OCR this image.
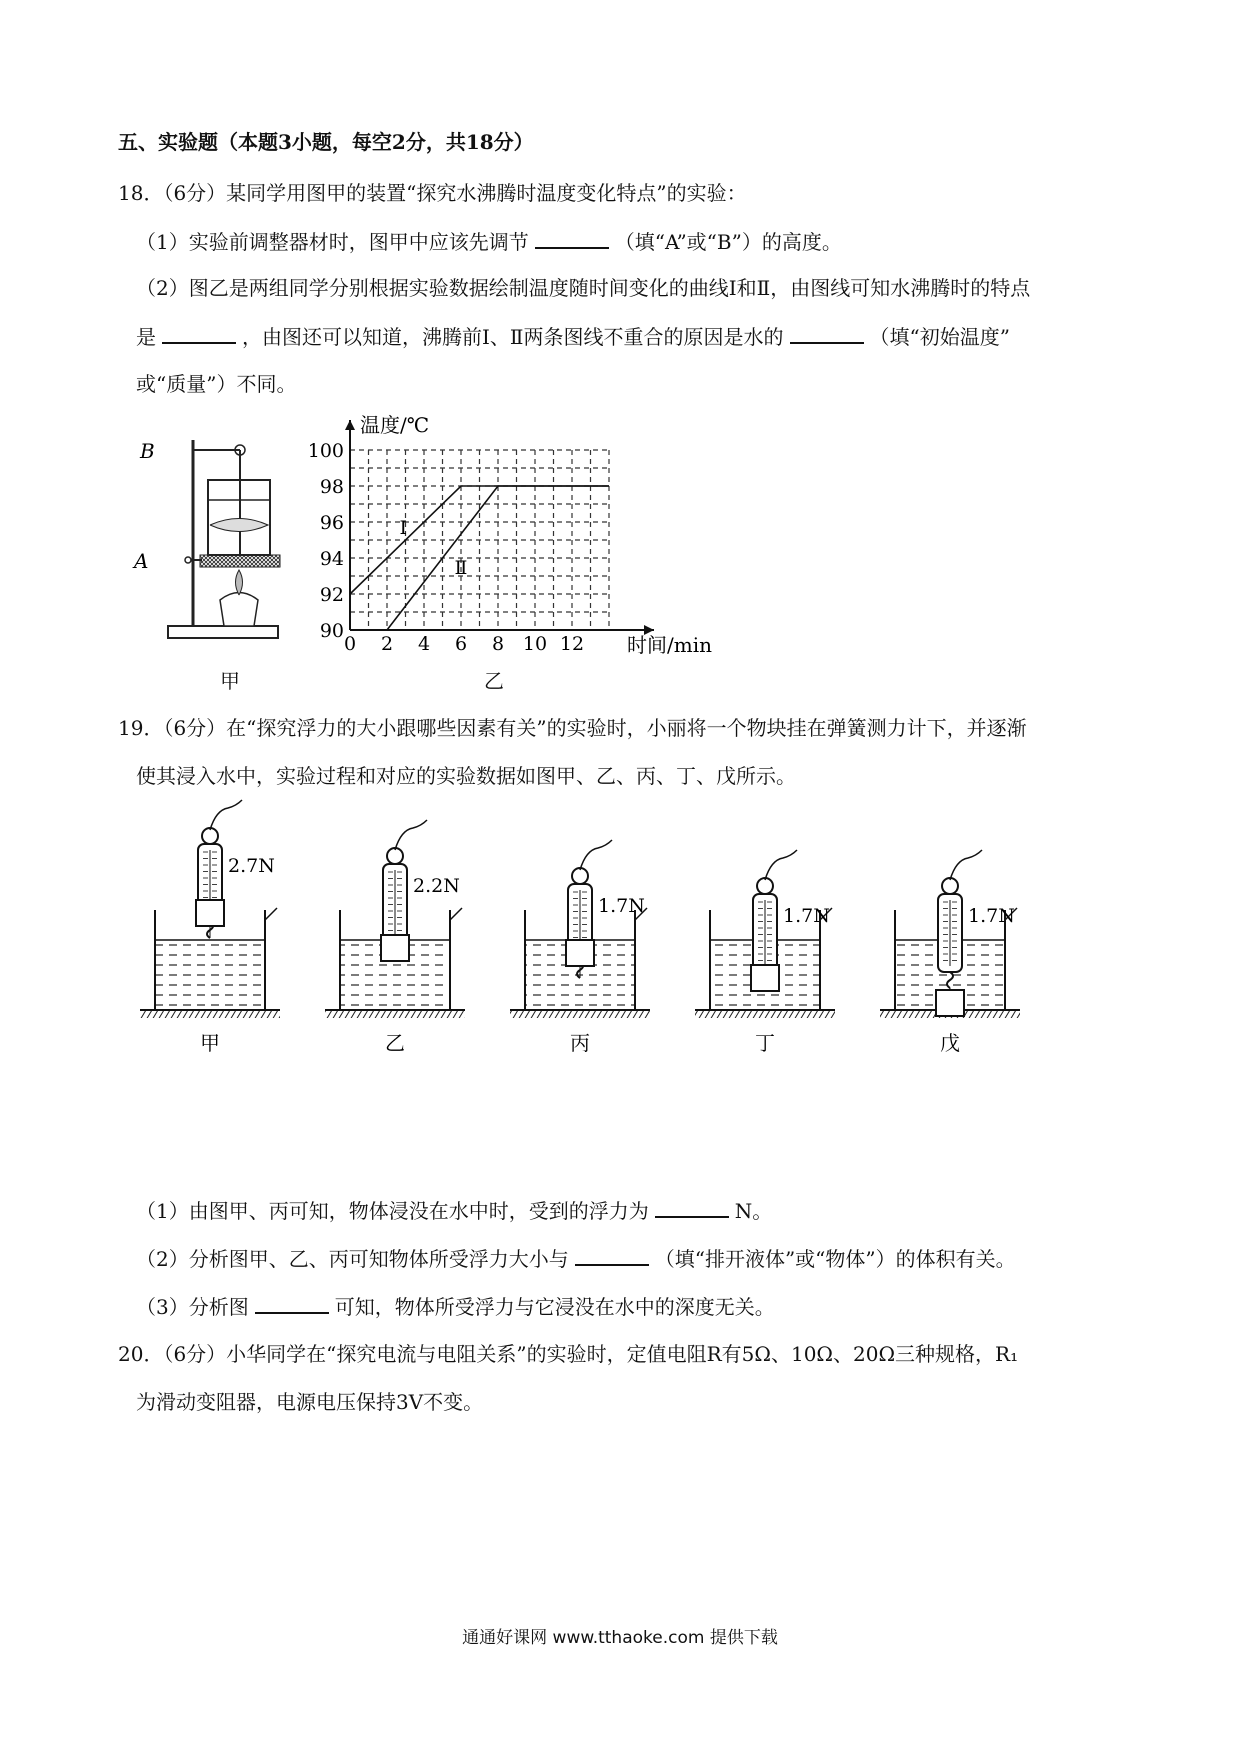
五、实验题（本题3小题，每空2分，共18分）
18．（6分）某同学用图甲的装置“探究水沸腾时温度变化特点”的实验：
（1）实验前调整器材时，图甲中应该先调节	（填“A”或“B”）的高度。
（2）图乙是两组同学分别根据实验数据绘制温度随时间变化的曲线Ⅰ和Ⅱ，由图线可知水沸腾时的特点
是	，由图还可以知道，沸腾前Ⅰ、Ⅱ两条图线不重合的原因是水的	（填“初始温度”
或“质量”）不同。
B
A
甲
0 2 4 6 8 10 12
90
92
94
96
98
100
Ⅰ
Ⅱ
温度/℃
时间/min
乙
19．（6分）在“探究浮力的大小跟哪些因素有关”的实验时，小丽将一个物块挂在弹簧测力计下，并逐渐
使其浸入水中，实验过程和对应的实验数据如图甲、乙、丙、丁、戊所示。
2.7N
甲
2.2N
乙
1.7N
丙
1.7N
丁
1.7N
戊
（1）由图甲、丙可知，物体浸没在水中时，受到的浮力为	N。
（2）分析图甲、乙、丙可知物体所受浮力大小与	（填“排开液体”或“物体”）的体积有关。
（3）分析图	可知，物体所受浮力与它浸没在水中的深度无关。
20．（6分）小华同学在“探究电流与电阻关系”的实验时，定值电阻R有5Ω、10Ω、20Ω三种规格，R₁
为滑动变阻器，电源电压保持3V不变。
通通好课网 www.tthaoke.com 提供下载
